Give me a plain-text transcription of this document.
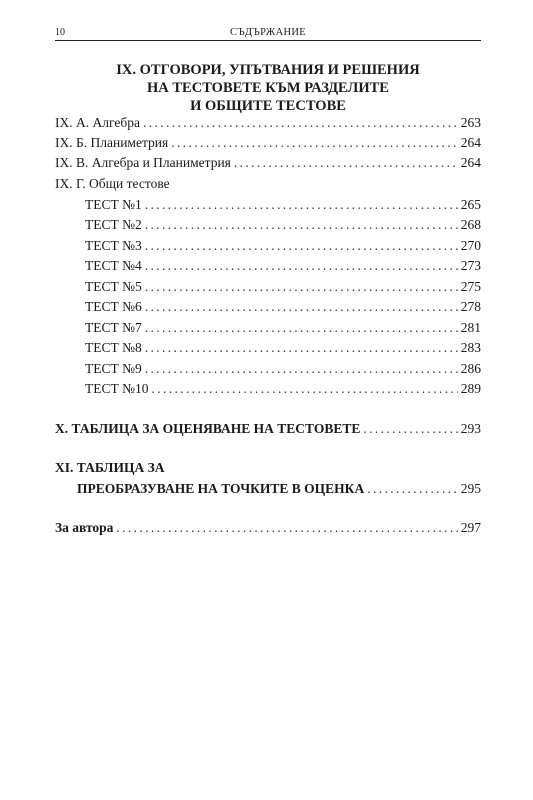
10	СЪДЪРЖАНИЕ
IX. ОТГОВОРИ, УПЪТВАНИЯ И РЕШЕНИЯ
НА ТЕСТОВЕТЕ КЪМ РАЗДЕЛИТЕ
И ОБЩИТЕ ТЕСТОВЕ
IX. А. Алгебра . . .	263
IX. Б. Планиметрия . . .	264
IX. В. Алгебра и Планиметрия . . .	264
IX. Г. Общи тестове
ТЕСТ №1 . . .	265
ТЕСТ №2 . . .	268
ТЕСТ №3 . . .	270
ТЕСТ №4 . . .	273
ТЕСТ №5 . . .	275
ТЕСТ №6 . . .	278
ТЕСТ №7 . . .	281
ТЕСТ №8 . . .	283
ТЕСТ №9 . . .	286
ТЕСТ №10 . . .	289
X. ТАБЛИЦА ЗА ОЦЕНЯВАНЕ НА ТЕСТОВЕТЕ . . .	293
XI. ТАБЛИЦА ЗА
ПРЕОБРАЗУВАНЕ НА ТОЧКИТЕ В ОЦЕНКА . . .	295
За автора . . .	297
